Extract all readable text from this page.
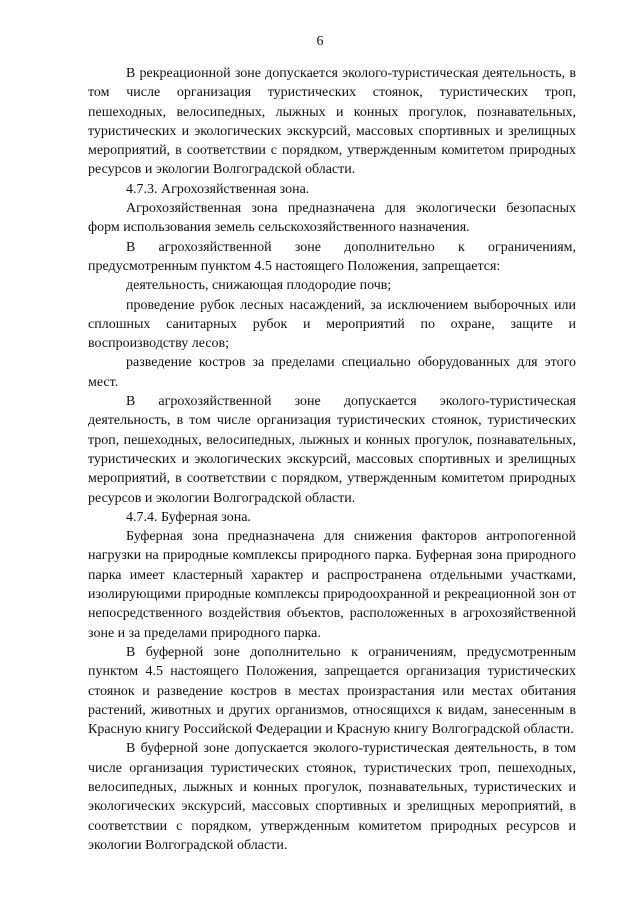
6

В рекреационной зоне допускается эколого-туристическая деятельность, в том числе организация туристических стоянок, туристических троп, пешеходных, велосипедных, лыжных и конных прогулок, познавательных, туристических и экологических экскурсий, массовых спортивных и зрелищных мероприятий, в соответствии с порядком, утвержденным комитетом природных ресурсов и экологии Волгоградской области.

4.7.3. Агрохозяйственная зона.

Агрохозяйственная зона предназначена для экологически безопасных форм использования земель сельскохозяйственного назначения.

В агрохозяйственной зоне дополнительно к ограничениям, предусмотренным пунктом 4.5 настоящего Положения, запрещается:

деятельность, снижающая плодородие почв;

проведение рубок лесных насаждений, за исключением выборочных или сплошных санитарных рубок и мероприятий по охране, защите и воспроизводству лесов;

разведение костров за пределами специально оборудованных для этого мест.

В агрохозяйственной зоне допускается эколого-туристическая деятельность, в том числе организация туристических стоянок, туристических троп, пешеходных, велосипедных, лыжных и конных прогулок, познавательных, туристических и экологических экскурсий, массовых спортивных и зрелищных мероприятий, в соответствии с порядком, утвержденным комитетом природных ресурсов и экологии Волгоградской области.

4.7.4. Буферная зона.

Буферная зона предназначена для снижения факторов антропогенной нагрузки на природные комплексы природного парка. Буферная зона природного парка имеет кластерный характер и распространена отдельными участками, изолирующими природные комплексы природоохранной и рекреационной зон от непосредственного воздействия объектов, расположенных в агрохозяйственной зоне и за пределами природного парка.

В буферной зоне дополнительно к ограничениям, предусмотренным пунктом 4.5 настоящего Положения, запрещается организация туристических стоянок и разведение костров в местах произрастания или местах обитания растений, животных и других организмов, относящихся к видам, занесенным в Красную книгу Российской Федерации и Красную книгу Волгоградской области.

В буферной зоне допускается эколого-туристическая деятельность, в том числе организация туристических стоянок, туристических троп, пешеходных, велосипедных, лыжных и конных прогулок, познавательных, туристических и экологических экскурсий, массовых спортивных и зрелищных мероприятий, в соответствии с порядком, утвержденным комитетом природных ресурсов и экологии Волгоградской области.
